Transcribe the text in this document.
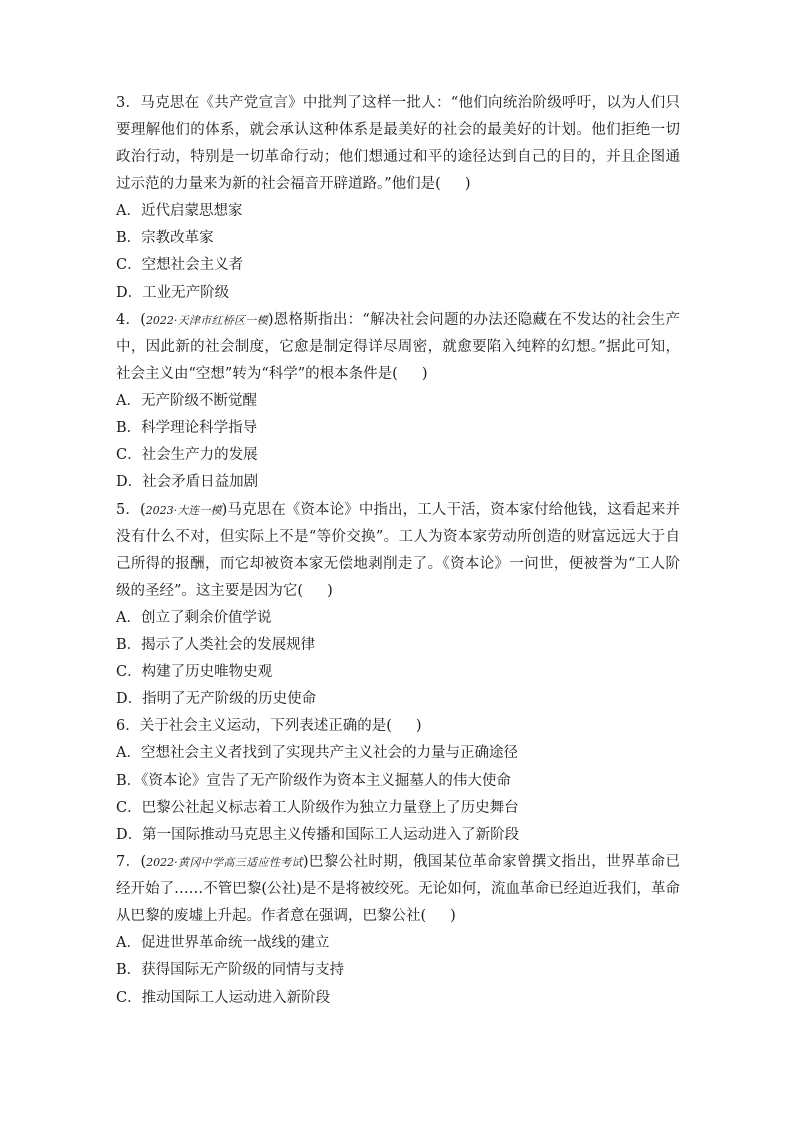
3．马克思在《共产党宣言》中批判了这样一批人：“他们向统治阶级呼吁，以为人们只要理解他们的体系，就会承认这种体系是最美好的社会的最美好的计划。他们拒绝一切政治行动，特别是一切革命行动；他们想通过和平的途径达到自己的目的，并且企图通过示范的力量来为新的社会福音开辟道路。”他们是( )
A．近代启蒙思想家
B．宗教改革家
C．空想社会主义者
D．工业无产阶级
4．(2022·天津市红桥区一模)恩格斯指出：“解决社会问题的办法还隐藏在不发达的社会生产中，因此新的社会制度，它愈是制定得详尽周密，就愈要陷入纯粹的幻想。”据此可知，社会主义由“空想”转为“科学”的根本条件是( )
A．无产阶级不断觉醒
B．科学理论科学指导
C．社会生产力的发展
D．社会矛盾日益加剧
5．(2023·大连一模)马克思在《资本论》中指出，工人干活，资本家付给他钱，这看起来并没有什么不对，但实际上不是“等价交换”。工人为资本家劳动所创造的财富远远大于自己所得的报酬，而它却被资本家无偿地剥削走了。《资本论》一问世，便被誉为“工人阶级的圣经”。这主要是因为它( )
A．创立了剩余价值学说
B．揭示了人类社会的发展规律
C．构建了历史唯物史观
D．指明了无产阶级的历史使命
6．关于社会主义运动，下列表述正确的是( )
A．空想社会主义者找到了实现共产主义社会的力量与正确途径
B．《资本论》宣告了无产阶级作为资本主义掘墓人的伟大使命
C．巴黎公社起义标志着工人阶级作为独立力量登上了历史舞台
D．第一国际推动马克思主义传播和国际工人运动进入了新阶段
7．(2022·黄冈中学高三适应性考试)巴黎公社时期，俄国某位革命家曾撰文指出，世界革命已经开始了……不管巴黎(公社)是不是将被绞死。无论如何，流血革命已经迫近我们，革命从巴黎的废墟上升起。作者意在强调，巴黎公社( )
A．促进世界革命统一战线的建立
B．获得国际无产阶级的同情与支持
C．推动国际工人运动进入新阶段
